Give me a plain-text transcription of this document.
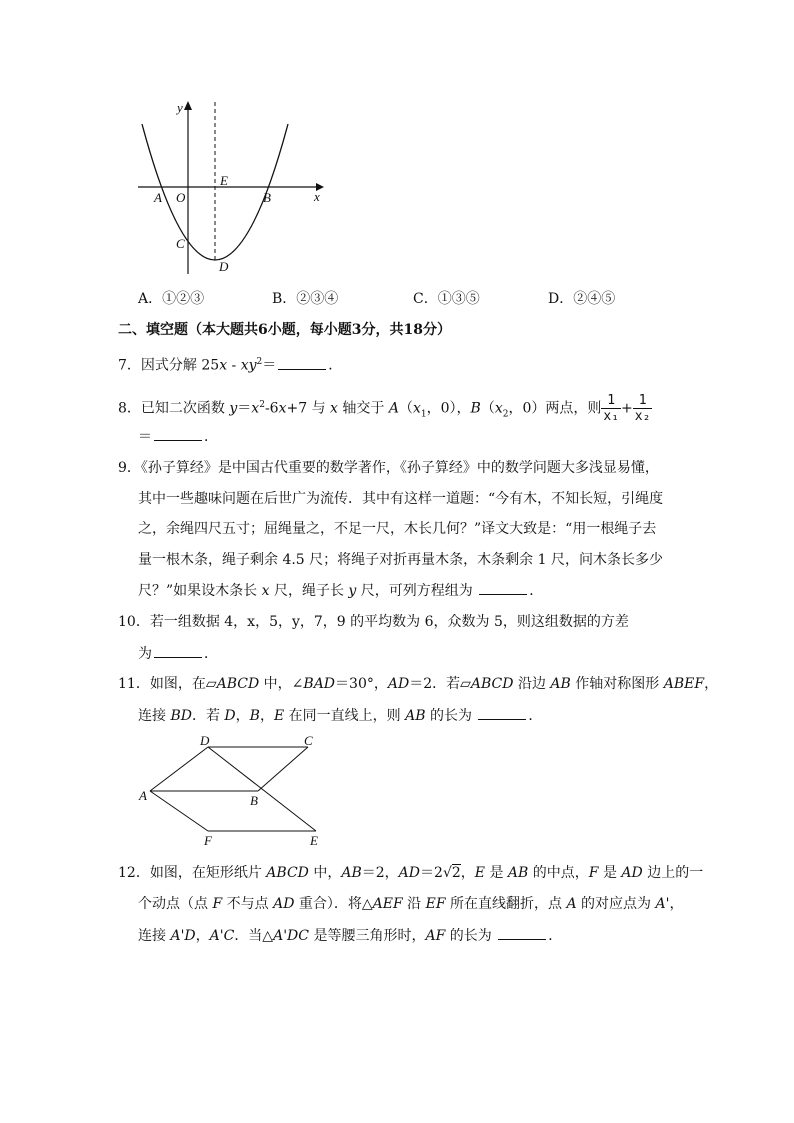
y
x
A O
E
B
C
D
A．①②③	B．②③④	C．①③⑤	D．②④⑤
二、填空题（本大题共6小题，每小题3分，共18分）
7．因式分解 $25x - xy^2=$	．
8．已知二次函数 $y=x^2-6x+7$ 与 x 轴交于 $A(x_1$，0），$B(x_2$，0）两点，则 $\frac{1}{\text{x₁}} + \frac{1}{\text{x₂}}$
＝	．
9．《孙子算经》是中国古代重要的数学著作，《孙子算经》中的数学问题大多浅显易懂，
其中一些趣味问题在后世广为流传．其中有这样一道题：“今有木，不知长短，引绳度
之，余绳四尺五寸；屈绳量之，不足一尺，木长几何？”译文大致是：“用一根绳子去
量一根木条，绳子剩余 4.5 尺；将绳子对折再量木条，木条剩余 1 尺，问木条长多少
尺？”如果设木条长 x 尺，绳子长 y 尺，可列方程组为	．
10．若一组数据 4，x，5，y，7，9 的平均数为 6，众数为 5，则这组数据的方差
为	．
11．如图，在▱ABCD 中，∠BAD＝30°，AD＝2．若▱ABCD 沿边 AB 作轴对称图形 ABEF，
连接 BD．若 D，B，E 在同一直线上，则 AB 的长为	．
D	C
A	B
F	E
12．如图，在矩形纸片 ABCD 中，AB＝2，AD＝2√2，E 是 AB 的中点，F 是 AD 边上的一
个动点（点 F 不与点 AD 重合）．将△AEF 沿 EF 所在直线翻折，点 A 的对应点为 A'，
连接 A'D，A'C．当△A'DC 是等腰三角形时，AF 的长为	．
